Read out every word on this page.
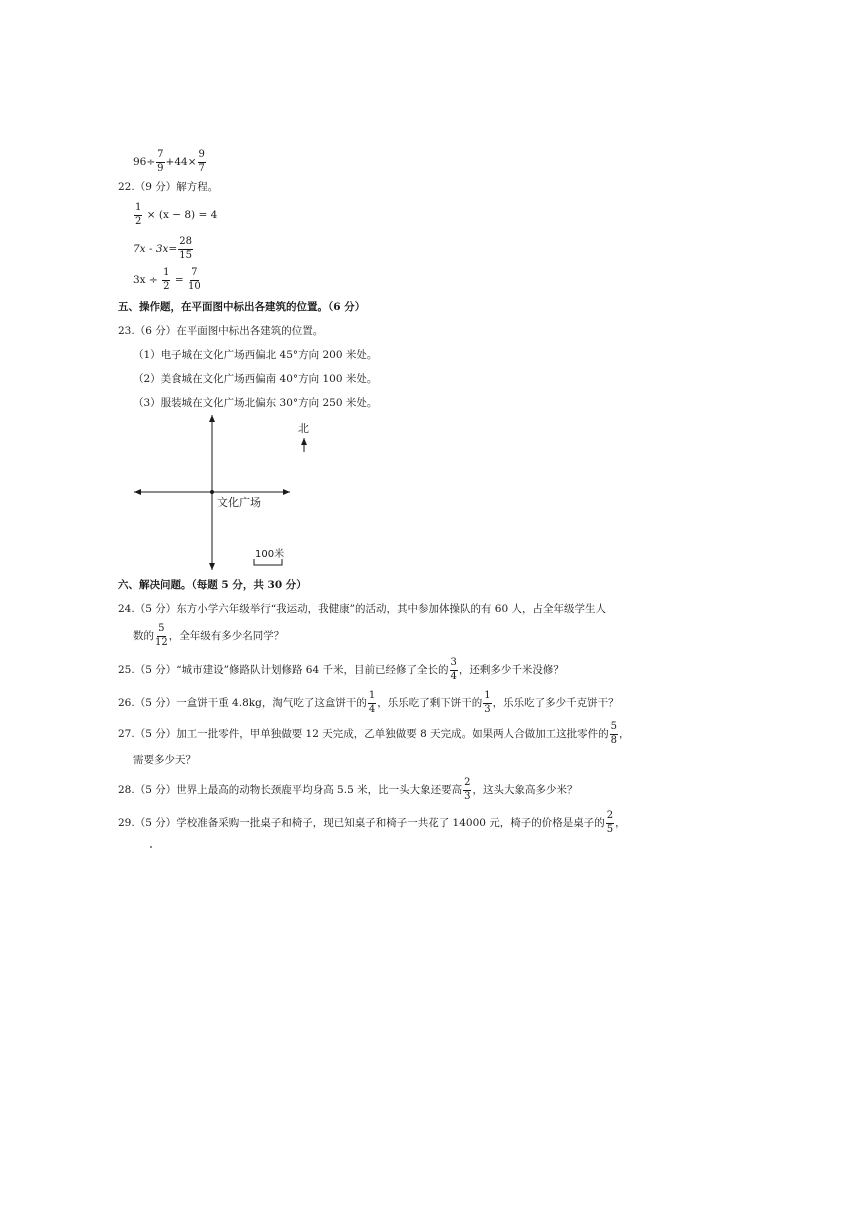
$96\div \frac{7}{9} +44\times \frac{9}{7}$
22.（9 分）解方程。
$\frac{1}{2} \times (x - 8) = 4$
$7x - 3x= \frac{28}{15}$
$3x \div \frac{1}{2} = \frac{7}{10}$
五、操作题，在平面图中标出各建筑的位置。（6 分）
23.（6 分）在平面图中标出各建筑的位置。
（1）电子城在文化广场西偏北 45°方向 200 米处。
（2）美食城在文化广场西偏南 40°方向 100 米处。
（3）服装城在文化广场北偏东 30°方向 250 米处。
北
文化广场
100米
六、解决问题。（每题 5 分，共 30 分）
24.（5 分）东方小学六年级举行“我运动，我健康”的活动，其中参加体操队的有 60 人，占全年级学生人
数的 $\frac{5}{12}$ ，全年级有多少名同学？
25.（5 分）“城市建设”修路队计划修路 64 千米，目前已经修了全长的 $\frac{3}{4}$ ，还剩多少千米没修？
26.（5 分）一盒饼干重 4.8kg，淘气吃了这盒饼干的 $\frac{1}{4}$ ，乐乐吃了剩下饼干的 $\frac{1}{3}$ ，乐乐吃了多少千克饼干？
27.（5 分）加工一批零件，甲单独做要 12 天完成，乙单独做要 8 天完成。如果两人合做加工这批零件的 $\frac{5}{8}$ ，
需要多少天？
28.（5 分）世界上最高的动物长颈鹿平均身高 5.5 米，比一头大象还要高 $\frac{2}{3}$ ，这头大象高多少米？
29.（5 分）学校准备采购一批桌子和椅子，现已知桌子和椅子一共花了 14000 元，椅子的价格是桌子的 $\frac{2}{5}$ ，
